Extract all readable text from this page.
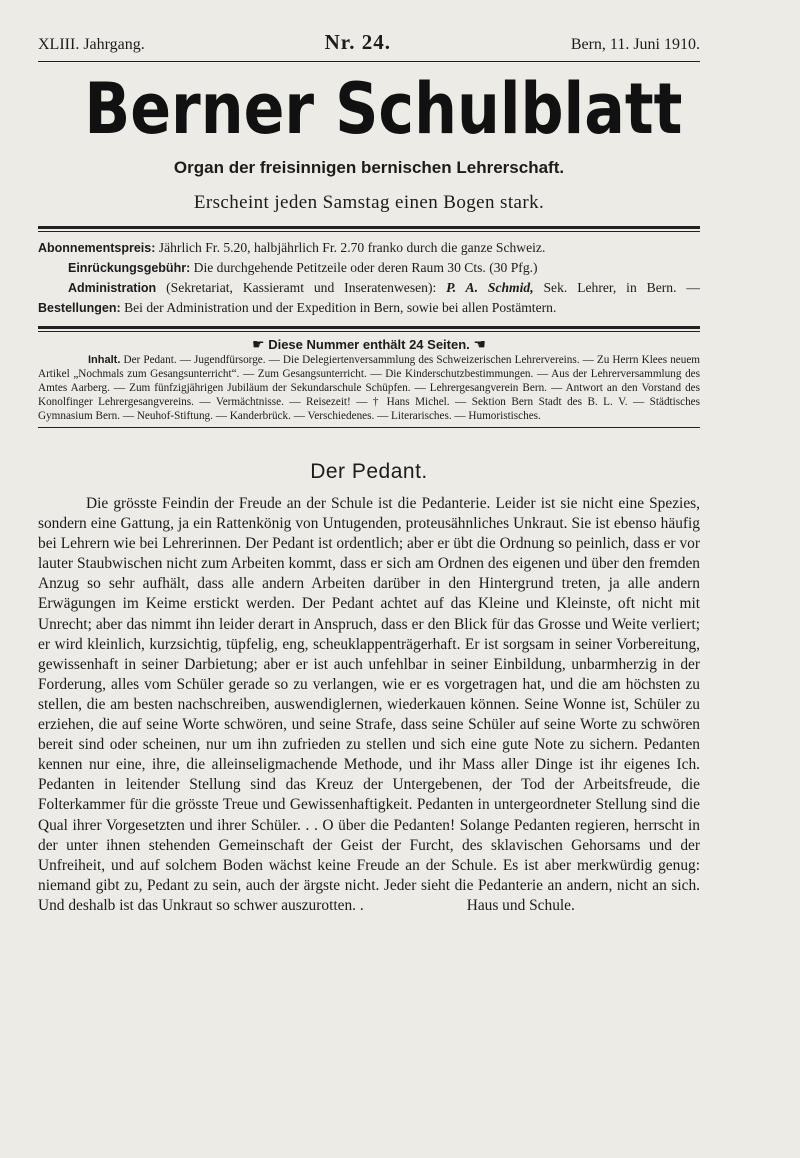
XLIII. Jahrgang.	Nr. 24.	Bern, 11. Juni 1910.
Berner Schulblatt
Organ der freisinnigen bernischen Lehrerschaft.
Erscheint jeden Samstag einen Bogen stark.
Abonnementspreis: Jährlich Fr. 5.20, halbjährlich Fr. 2.70 franko durch die ganze Schweiz.
Einrückungsgebühr: Die durchgehende Petitzeile oder deren Raum 30 Cts. (30 Pfg.)
Administration (Sekretariat, Kassieramt und Inseratenwesen): P. A. Schmid, Sek. Lehrer, in Bern. — Bestellungen: Bei der Administration und der Expedition in Bern, sowie bei allen Postämtern.
☛ Diese Nummer enthält 24 Seiten. ☚
Inhalt. Der Pedant. — Jugendfürsorge. — Die Delegiertenversammlung des Schweizerischen Lehrervereins. — Zu Herrn Klees neuem Artikel „Nochmals zum Gesangsunterricht“. — Zum Gesangsunterricht. — Die Kinderschutzbestimmungen. — Aus der Lehrerversammlung des Amtes Aarberg. — Zum fünfzigjährigen Jubiläum der Sekundarschule Schüpfen. — Lehrergesangverein Bern. — Antwort an den Vorstand des Konolfinger Lehrergesangvereins. — Vermächtnisse. — Reisezeit! — † Hans Michel. — Sektion Bern Stadt des B. L. V. — Städtisches Gymnasium Bern. — Neuhof-Stiftung. — Kanderbrück. — Verschiedenes. — Literarisches. — Humoristisches.
Der Pedant.

Die grösste Feindin der Freude an der Schule ist die Pedanterie. Leider ist sie nicht eine Spezies, sondern eine Gattung, ja ein Rattenkönig von Untugenden, proteusähnliches Unkraut. Sie ist ebenso häufig bei Lehrern wie bei Lehrerinnen. Der Pedant ist ordentlich; aber er übt die Ordnung so peinlich, dass er vor lauter Staubwischen nicht zum Arbeiten kommt, dass er sich am Ordnen des eigenen und über den fremden Anzug so sehr aufhält, dass alle andern Arbeiten darüber in den Hintergrund treten, ja alle andern Erwägungen im Keime erstickt werden. Der Pedant achtet auf das Kleine und Kleinste, oft nicht mit Unrecht; aber das nimmt ihn leider derart in Anspruch, dass er den Blick für das Grosse und Weite verliert; er wird kleinlich, kurzsichtig, tüpfelig, eng, scheuklappenträgerhaft. Er ist sorgsam in seiner Vorbereitung, gewissenhaft in seiner Darbietung; aber er ist auch unfehlbar in seiner Einbildung, unbarmherzig in der Forderung, alles vom Schüler gerade so zu verlangen, wie er es vorgetragen hat, und die am höchsten zu stellen, die am besten nachschreiben, auswendiglernen, wiederkauen können. Seine Wonne ist, Schüler zu erziehen, die auf seine Worte schwören, und seine Strafe, dass seine Schüler auf seine Worte zu schwören bereit sind oder scheinen, nur um ihn zufrieden zu stellen und sich eine gute Note zu sichern. Pedanten kennen nur eine, ihre, die alleinseligmachende Methode, und ihr Mass aller Dinge ist ihr eigenes Ich. Pedanten in leitender Stellung sind das Kreuz der Untergebenen, der Tod der Arbeitsfreude, die Folterkammer für die grösste Treue und Gewissenhaftigkeit. Pedanten in untergeordneter Stellung sind die Qual ihrer Vorgesetzten und ihrer Schüler. . . O über die Pedanten! Solange Pedanten regieren, herrscht in der unter ihnen stehenden Gemeinschaft der Geist der Furcht, des sklavischen Gehorsams und der Unfreiheit, und auf solchem Boden wächst keine Freude an der Schule. Es ist aber merkwürdig genug: niemand gibt zu, Pedant zu sein, auch der ärgste nicht. Jeder sieht die Pedanterie an andern, nicht an sich. Und deshalb ist das Unkraut so schwer auszurotten. .	Haus und Schule.
